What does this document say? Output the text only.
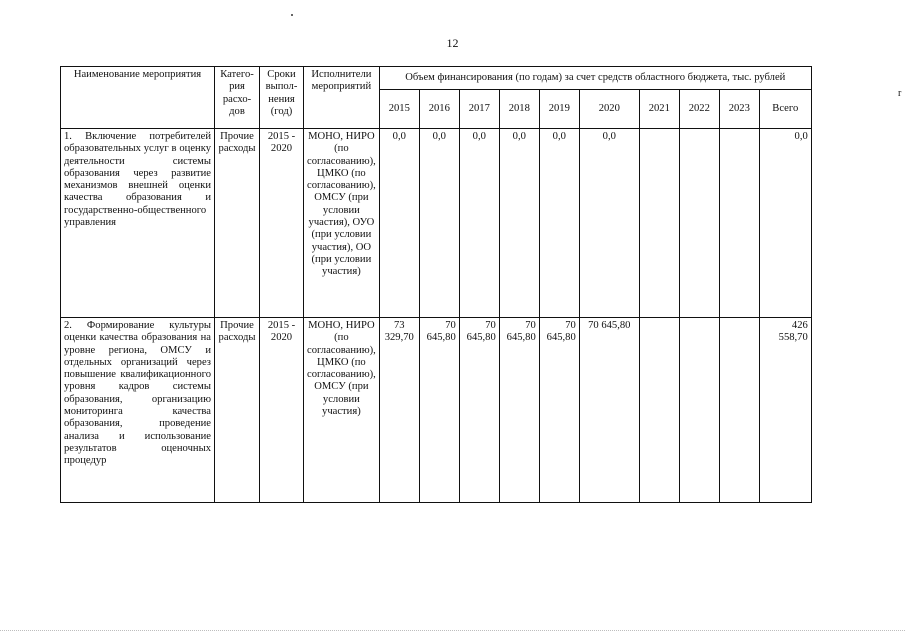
12
r
Наименование мероприятия	Катего-рия расхо-дов	Сроки выпол-нения (год)	Исполнители мероприятий	Объем финансирования (по годам) за счет средств областного бюджета, тыс. рублей									
				2015	2016	2017	2018	2019	2020	2021	2022	2023	Всего
1. Включение потребителей образовательных услуг в оценку деятельности системы образования через развитие механизмов внешней оценки качества образования и государственно-общественного управления	Прочие расходы	2015 - 2020	МОНО, НИРО (по согласованию), ЦМКО (по согласованию), ОМСУ (при условии участия), ОУО (при условии участия), ОО (при условии участия)	0,0	0,0	0,0	0,0	0,0	0,0				0,0
2. Формирование культуры оценки качества образования на уровне региона, ОМСУ и отдельных организаций через повышение квалификационного уровня кадров системы образования, организацию мониторинга качества образования, проведение анализа и использование результатов оценочных процедур	Прочие расходы	2015 - 2020	МОНО, НИРО (по согласованию), ЦМКО (по согласованию), ОМСУ (при условии участия)	73 329,70	70 645,80	70 645,80	70 645,80	70 645,80	70 645,80				426 558,70
